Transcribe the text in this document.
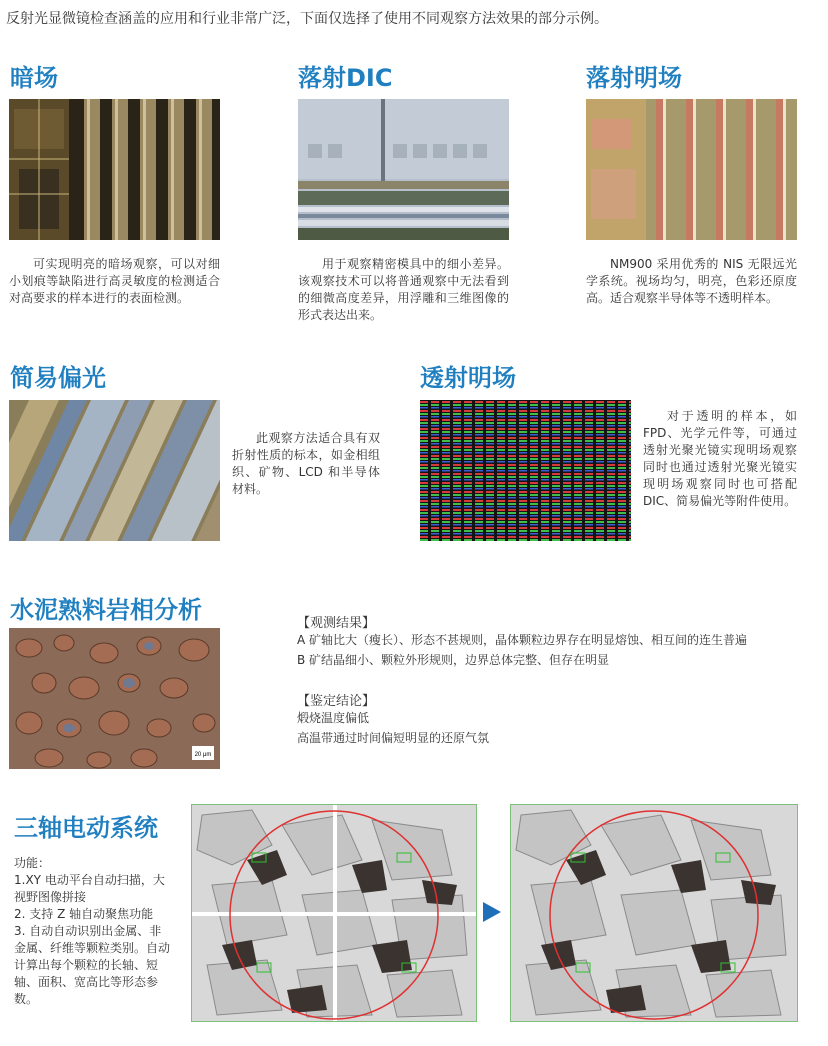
反射光显微镜检查涵盖的应用和行业非常广泛，下面仅选择了使用不同观察方法效果的部分示例。
暗场
可实现明亮的暗场观察，可以对细小划痕等缺陷进行高灵敏度的检测适合对高要求的样本进行的表面检测。
落射DIC
用于观察精密模具中的细小差异。该观察技术可以将普通观察中无法看到的细微高度差异，用浮雕和三维图像的形式表达出来。
落射明场
NM900 采用优秀的 NIS 无限远光学系统。视场均匀，明亮，色彩还原度高。适合观察半导体等不透明样本。
简易偏光
此观察方法适合具有双折射性质的标本，如金相组织、矿物、LCD 和半导体材料。
透射明场
对于透明的样本，如FPD、光学元件等，可通过透射光聚光镜实现明场观察同时也通过透射光聚光镜实现明场观察同时也可搭配 DIC、简易偏光等附件使用。
水泥熟料岩相分析
20 μm
【观测结果】
A 矿轴比大（瘦长）、形态不甚规则，晶体颗粒边界存在明显熔蚀、相互间的连生普遍
B 矿结晶细小、颗粒外形规则，边界总体完整、但存在明显
【鉴定结论】
煅烧温度偏低
高温带通过时间偏短明显的还原气氛
三轴电动系统
功能：
1.XY 电动平台自动扫描，大视野图像拼接
2. 支持 Z 轴自动聚焦功能
3. 自动自动识别出金属、非金属、纤维等颗粒类别。自动计算出每个颗粒的长轴、短轴、面积、宽高比等形态参数。
